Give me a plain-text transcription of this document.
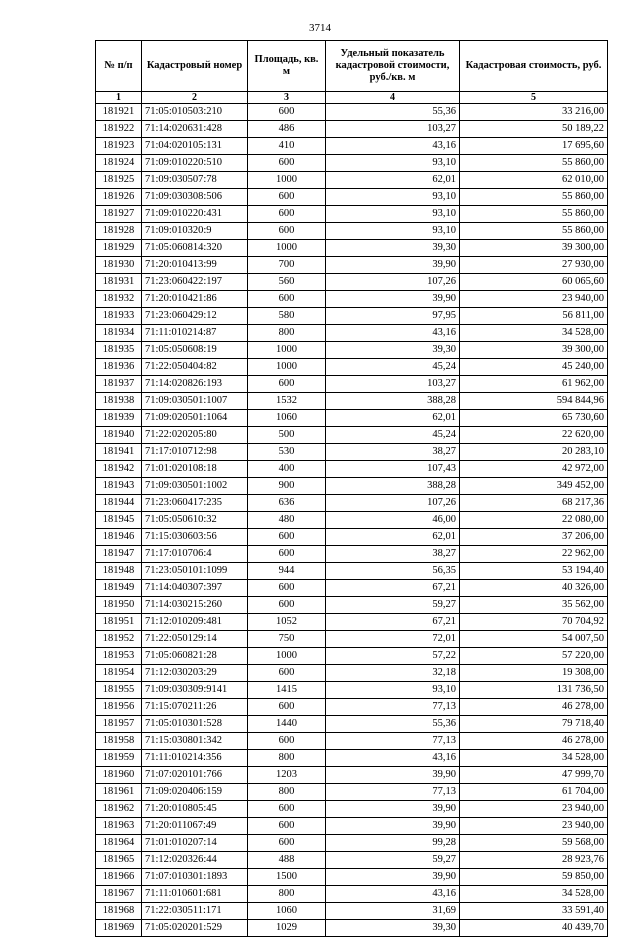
3714
№ п/п	Кадастровый номер	Площадь, кв. м	Удельный показатель кадастровой стоимости, руб./кв. м	Кадастровая стоимость, руб.
1	2	3	4	5
181921	71:05:010503:210	600	55,36	33 216,00
181922	71:14:020631:428	486	103,27	50 189,22
181923	71:04:020105:131	410	43,16	17 695,60
181924	71:09:010220:510	600	93,10	55 860,00
181925	71:09:030507:78	1000	62,01	62 010,00
181926	71:09:030308:506	600	93,10	55 860,00
181927	71:09:010220:431	600	93,10	55 860,00
181928	71:09:010320:9	600	93,10	55 860,00
181929	71:05:060814:320	1000	39,30	39 300,00
181930	71:20:010413:99	700	39,90	27 930,00
181931	71:23:060422:197	560	107,26	60 065,60
181932	71:20:010421:86	600	39,90	23 940,00
181933	71:23:060429:12	580	97,95	56 811,00
181934	71:11:010214:87	800	43,16	34 528,00
181935	71:05:050608:19	1000	39,30	39 300,00
181936	71:22:050404:82	1000	45,24	45 240,00
181937	71:14:020826:193	600	103,27	61 962,00
181938	71:09:030501:1007	1532	388,28	594 844,96
181939	71:09:020501:1064	1060	62,01	65 730,60
181940	71:22:020205:80	500	45,24	22 620,00
181941	71:17:010712:98	530	38,27	20 283,10
181942	71:01:020108:18	400	107,43	42 972,00
181943	71:09:030501:1002	900	388,28	349 452,00
181944	71:23:060417:235	636	107,26	68 217,36
181945	71:05:050610:32	480	46,00	22 080,00
181946	71:15:030603:56	600	62,01	37 206,00
181947	71:17:010706:4	600	38,27	22 962,00
181948	71:23:050101:1099	944	56,35	53 194,40
181949	71:14:040307:397	600	67,21	40 326,00
181950	71:14:030215:260	600	59,27	35 562,00
181951	71:12:010209:481	1052	67,21	70 704,92
181952	71:22:050129:14	750	72,01	54 007,50
181953	71:05:060821:28	1000	57,22	57 220,00
181954	71:12:030203:29	600	32,18	19 308,00
181955	71:09:030309:9141	1415	93,10	131 736,50
181956	71:15:070211:26	600	77,13	46 278,00
181957	71:05:010301:528	1440	55,36	79 718,40
181958	71:15:030801:342	600	77,13	46 278,00
181959	71:11:010214:356	800	43,16	34 528,00
181960	71:07:020101:766	1203	39,90	47 999,70
181961	71:09:020406:159	800	77,13	61 704,00
181962	71:20:010805:45	600	39,90	23 940,00
181963	71:20:011067:49	600	39,90	23 940,00
181964	71:01:010207:14	600	99,28	59 568,00
181965	71:12:020326:44	488	59,27	28 923,76
181966	71:07:010301:1893	1500	39,90	59 850,00
181967	71:11:010601:681	800	43,16	34 528,00
181968	71:22:030511:171	1060	31,69	33 591,40
181969	71:05:020201:529	1029	39,30	40 439,70
